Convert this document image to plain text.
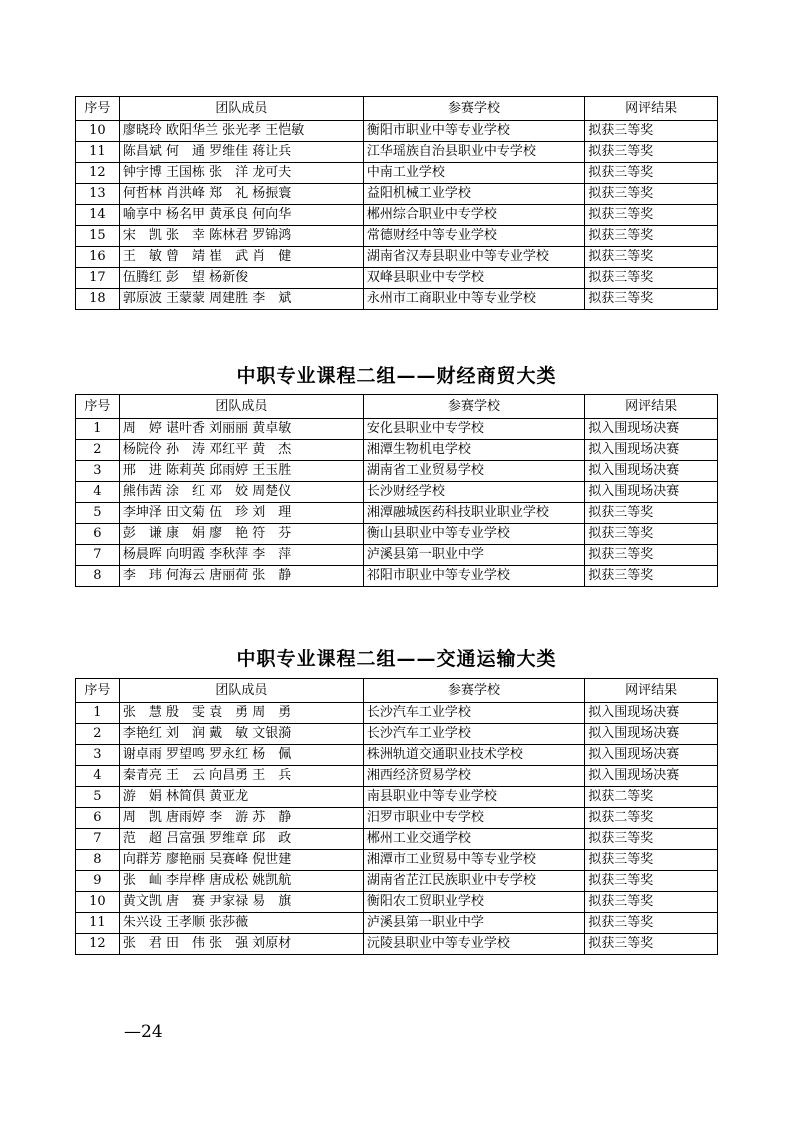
序号	团队成员	参赛学校	网评结果
10	廖晓玲 欧阳华兰 张光孝 王恺敏	衡阳市职业中等专业学校	拟获三等奖
11	陈昌斌 何　通 罗维佳 蒋让兵	江华瑶族自治县职业中专学校	拟获三等奖
12	钟宇博 王国栋 张　洋 龙可夫	中南工业学校	拟获三等奖
13	何哲林 肖洪峰 郑　礼 杨振寰	益阳机械工业学校	拟获三等奖
14	喻享中 杨名甲 黄承良 何向华	郴州综合职业中专学校	拟获三等奖
15	宋　凯 张　幸 陈林君 罗锦鸿	常德财经中等专业学校	拟获三等奖
16	王　敏 曾　靖 崔　武 肖　健	湖南省汉寿县职业中等专业学校	拟获三等奖
17	伍腾红 彭　望 杨新俊	双峰县职业中专学校	拟获三等奖
18	郭原波 王蒙蒙 周建胜 李　斌	永州市工商职业中等专业学校	拟获三等奖
中职专业课程二组——财经商贸大类
序号	团队成员	参赛学校	网评结果
1	周　婷 谌叶香 刘丽丽 黄卓敏	安化县职业中专学校	拟入围现场决赛
2	杨院伶 孙　涛 邓红平 黄　杰	湘潭生物机电学校	拟入围现场决赛
3	邢　进 陈莉英 邱雨婷 王玉胜	湖南省工业贸易学校	拟入围现场决赛
4	熊伟茜 涂　红 邓　姣 周楚仪	长沙财经学校	拟入围现场决赛
5	李坤泽 田文菊 伍　珍 刘　理	湘潭融城医药科技职业职业学校	拟获三等奖
6	彭　谦 康　娟 廖　艳 符　芬	衡山县职业中等专业学校	拟获三等奖
7	杨晨晖 向明霞 李秋萍 李　萍	泸溪县第一职业中学	拟获三等奖
8	李　玮 何海云 唐丽荷 张　静	祁阳市职业中等专业学校	拟获三等奖
中职专业课程二组——交通运输大类
序号	团队成员	参赛学校	网评结果
1	张　慧 殷　雯 袁　勇 周　勇	长沙汽车工业学校	拟入围现场决赛
2	李艳红 刘　润 戴　敏 文银漪	长沙汽车工业学校	拟入围现场决赛
3	谢卓雨 罗望鸣 罗永红 杨　佩	株洲轨道交通职业技术学校	拟入围现场决赛
4	秦青亮 王　云 向昌勇 王　兵	湘西经济贸易学校	拟入围现场决赛
5	游　娟 林简倶 黄亚龙	南县职业中等专业学校	拟获二等奖
6	周　凯 唐雨婷 李　游 苏　静	汨罗市职业中专学校	拟获二等奖
7	范　超 吕富强 罗维章 邱　政	郴州工业交通学校	拟获三等奖
8	向群芳 廖艳丽 吴赛峰 倪世建	湘潭市工业贸易中等专业学校	拟获三等奖
9	张　屾 李岸桦 唐成松 姚凯航	湖南省芷江民族职业中专学校	拟获三等奖
10	黄文凯 唐　赛 尹家禄 易　旗	衡阳农工贸职业学校	拟获三等奖
11	朱兴设 王孝顺 张莎薇	泸溪县第一职业中学	拟获三等奖
12	张　君 田　伟 张　强 刘原材	沅陵县职业中等专业学校	拟获三等奖
—24
